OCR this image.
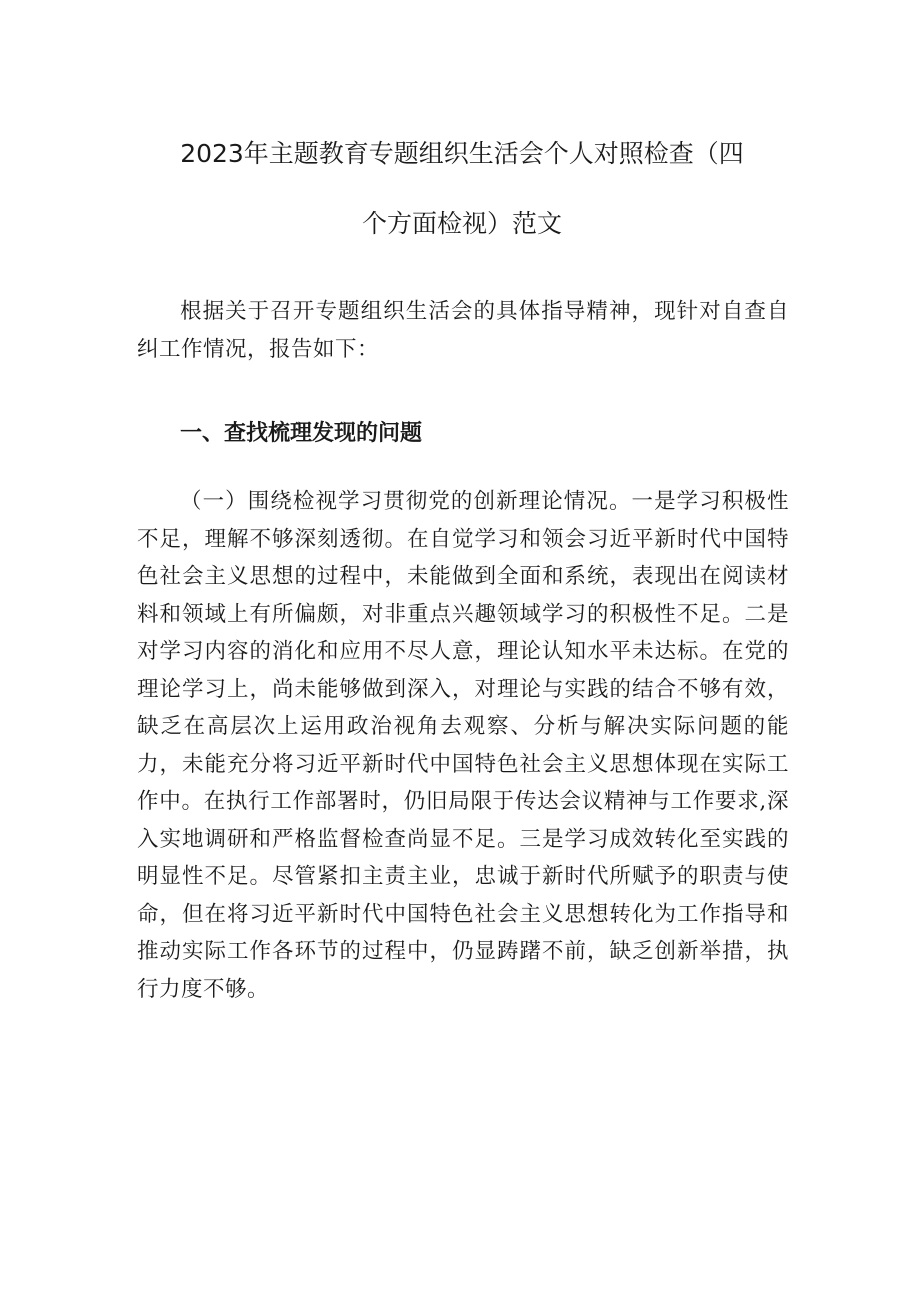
2023年主题教育专题组织生活会个人对照检查（四
个方面检视）范文

根据关于召开专题组织生活会的具体指导精神，现针对自查自纠工作情况，报告如下：

一、查找梳理发现的问题

（一）围绕检视学习贯彻党的创新理论情况。一是学习积极性不足，理解不够深刻透彻。在自觉学习和领会习近平新时代中国特色社会主义思想的过程中，未能做到全面和系统，表现出在阅读材料和领域上有所偏颇，对非重点兴趣领域学习的积极性不足。二是对学习内容的消化和应用不尽人意，理论认知水平未达标。在党的理论学习上，尚未能够做到深入，对理论与实践的结合不够有效，缺乏在高层次上运用政治视角去观察、分析与解决实际问题的能力，未能充分将习近平新时代中国特色社会主义思想体现在实际工作中。在执行工作部署时，仍旧局限于传达会议精神与工作要求,深入实地调研和严格监督检查尚显不足。三是学习成效转化至实践的明显性不足。尽管紧扣主责主业，忠诚于新时代所赋予的职责与使命，但在将习近平新时代中国特色社会主义思想转化为工作指导和推动实际工作各环节的过程中，仍显踌躇不前，缺乏创新举措，执行力度不够。
